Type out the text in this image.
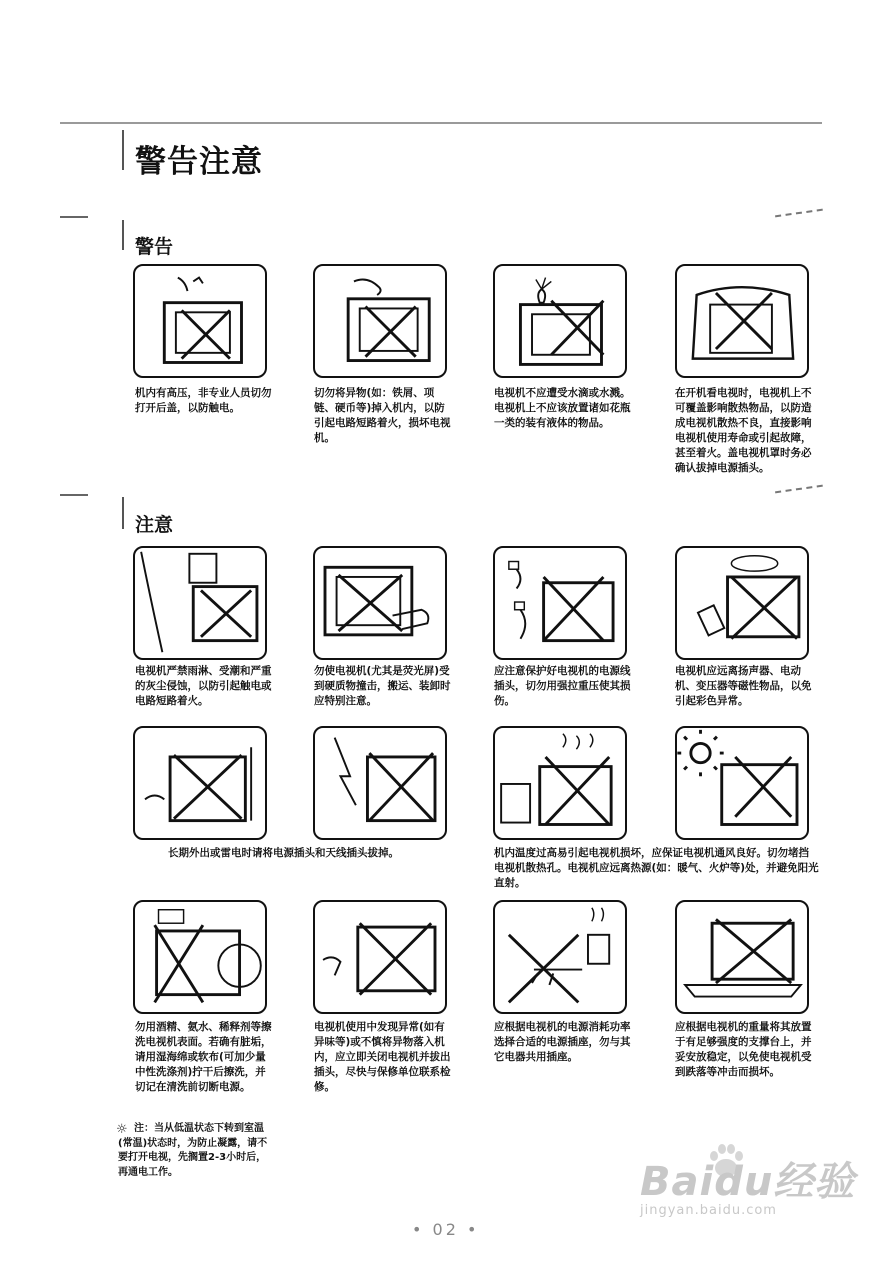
警告注意
警告
机内有高压，非专业人员切勿打开后盖，以防触电。
切勿将异物(如：铁屑、项链、硬币等)掉入机内，以防引起电路短路着火，损坏电视机。
电视机不应遭受水滴或水溅。电视机上不应该放置诸如花瓶一类的装有液体的物品。
在开机看电视时，电视机上不可覆盖影响散热物品，以防造成电视机散热不良，直接影响电视机使用寿命或引起故障，甚至着火。盖电视机罩时务必确认拔掉电源插头。
注意
电视机严禁雨淋、受潮和严重的灰尘侵蚀，以防引起触电或电路短路着火。
勿使电视机(尤其是荧光屏)受到硬质物撞击，搬运、装卸时应特别注意。
应注意保护好电视机的电源线插头，切勿用强拉重压使其损伤。
电视机应远离扬声器、电动机、变压器等磁性物品，以免引起彩色异常。
长期外出或雷电时请将电源插头和天线插头拔掉。	机内温度过高易引起电视机损坏，应保证电视机通风良好。切勿堵挡电视机散热孔。电视机应远离热源(如：暖气、火炉等)处，并避免阳光直射。
勿用酒精、氨水、稀释剂等擦洗电视机表面。若确有脏垢，请用湿海绵或软布(可加少量中性洗涤剂)拧干后擦洗，并切记在清洗前切断电源。
电视机使用中发现异常(如有异味等)或不慎将异物落入机内，应立即关闭电视机并拔出插头，尽快与保修单位联系检修。
应根据电视机的电源消耗功率选择合适的电源插座，勿与其它电器共用插座。
应根据电视机的重量将其放置于有足够强度的支撑台上，并妥安放稳定，以免使电视机受到跌落等冲击而损坏。
☼ 注：当从低温状态下转到室温(常温)状态时，为防止凝露，请不要打开电视，先搁置2-3小时后，再通电工作。	Baidu经验
jingyan.baidu.com
• 02 •
